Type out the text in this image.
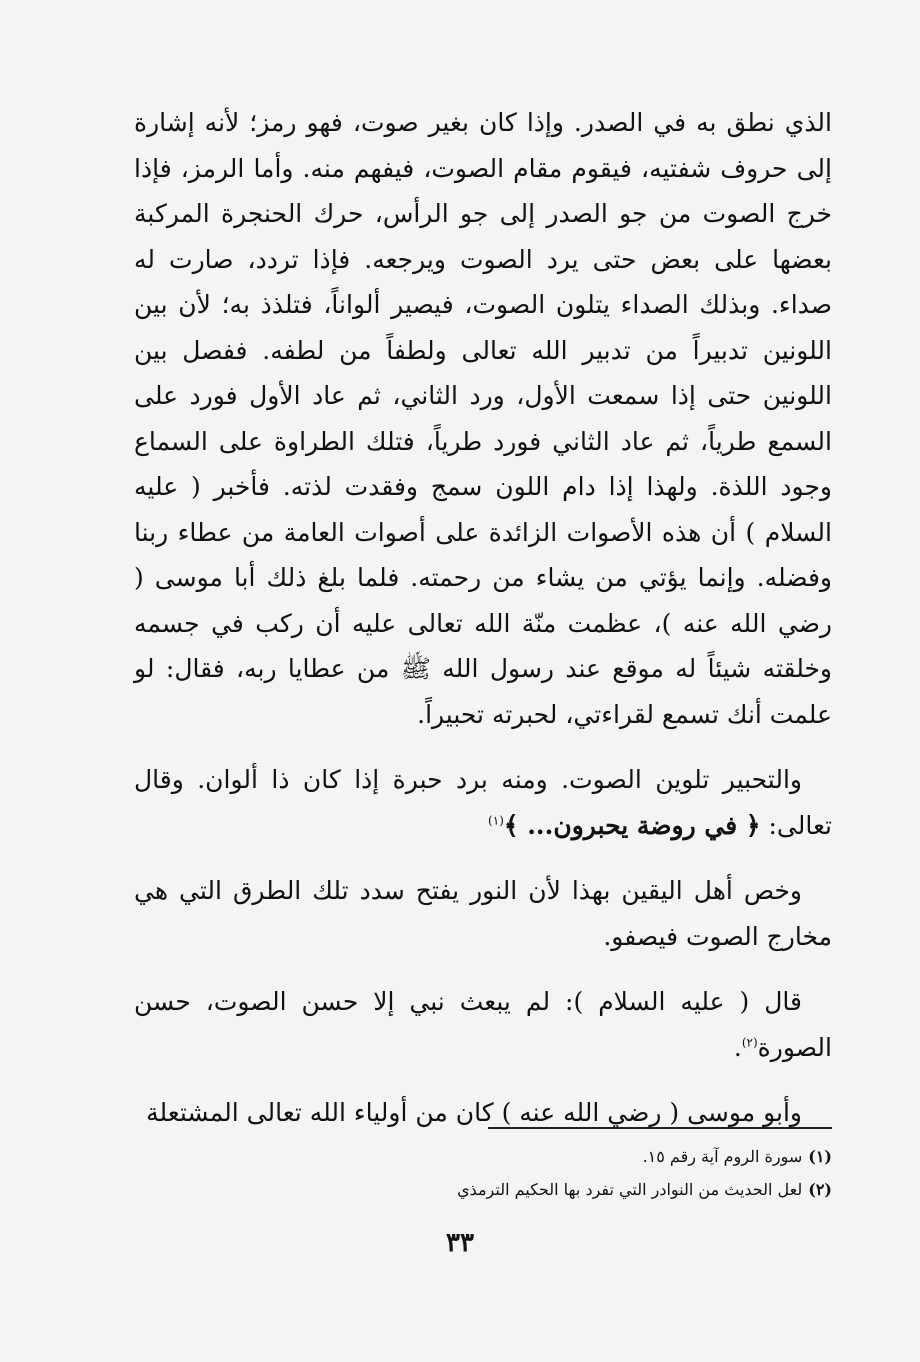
الذي نطق به في الصدر. وإذا كان بغير صوت، فهو رمز؛ لأنه إشارة إلى حروف شفتيه، فيقوم مقام الصوت، فيفهم منه. وأما الرمز، فإذا خرج الصوت من جو الصدر إلى جو الرأس، حرك الحنجرة المركبة بعضها على بعض حتى يرد الصوت ويرجعه. فإذا تردد، صارت له صداء. وبذلك الصداء يتلون الصوت، فيصير ألواناً، فتلذذ به؛ لأن بين اللونين تدبيراً من تدبير الله تعالى ولطفاً من لطفه. ففصل بين اللونين حتى إذا سمعت الأول، ورد الثاني، ثم عاد الأول فورد على السمع طرياً، ثم عاد الثاني فورد طرياً، فتلك الطراوة على السماع وجود اللذة. ولهذا إذا دام اللون سمج وفقدت لذته. فأخبر ( عليه السلام ) أن هذه الأصوات الزائدة على أصوات العامة من عطاء ربنا وفضله. وإنما يؤتي من يشاء من رحمته. فلما بلغ ذلك أبا موسى ( رضي الله عنه )، عظمت منّة الله تعالى عليه أن ركب في جسمه وخلقته شيئاً له موقع عند رسول الله ﷺ من عطايا ربه، فقال: لو علمت أنك تسمع لقراءتي، لحبرته تحبيراً.

والتحبير تلوين الصوت. ومنه برد حبرة إذا كان ذا ألوان. وقال تعالى: ﴿ في روضة يحبرون... ﴾$^{(١)}$

وخص أهل اليقين بهذا لأن النور يفتح سدد تلك الطرق التي هي مخارج الصوت فيصفو.

قال ( عليه السلام ): لم يبعث نبي إلا حسن الصوت، حسن الصورة$^{(٢)}$.

وأبو موسى ( رضي الله عنه ) كان من أولياء الله تعالى المشتعلة

(١)سورة الروم آية رقم ١٥.

(٢)لعل الحديث من النوادر التي تفرد بها الحكيم الترمذي

٣٣
